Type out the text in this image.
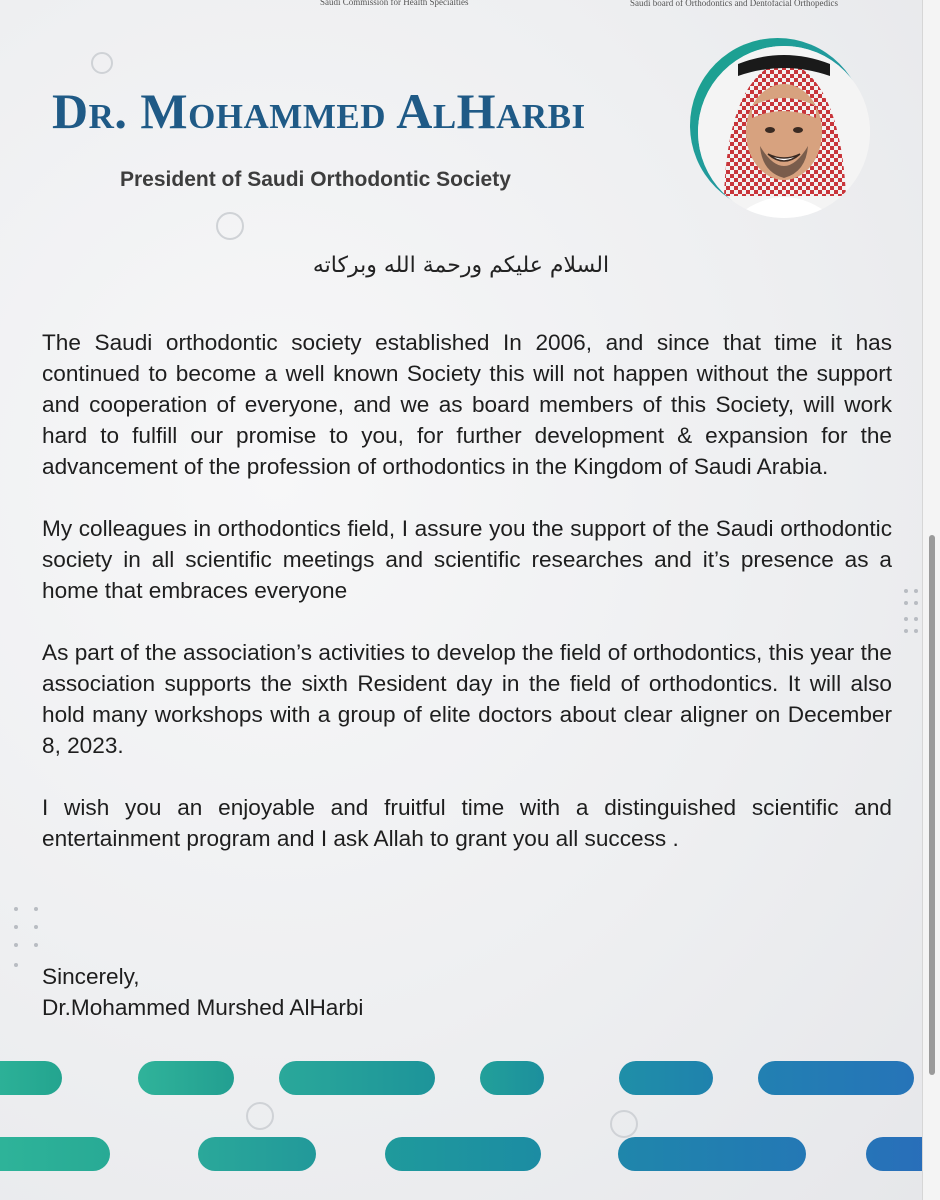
Saudi Commission for Health Specialties	Saudi board of Orthodontics and Dentofacial Orthopedics
Dr. Mohammed AlHarbi
President of Saudi Orthodontic Society
السلام عليكم ورحمة الله وبركاته

The Saudi orthodontic society established In 2006, and since that time it has continued to become a well known Society this will not happen without the support and cooperation of everyone, and we as board members of this Society, will work hard to fulfill our promise to you, for further development & expansion for the advancement of the profession of orthodontics in the Kingdom of Saudi Arabia.

My colleagues in orthodontics field, I assure you the support of the Saudi orthodontic society in all scientific meetings and scientific researches and it’s presence as a home that embraces everyone

As part of the association’s activities to develop the field of orthodontics, this year the association supports the sixth Resident day in the field of orthodontics. It will also hold many workshops with a group of elite doctors about clear aligner on December 8, 2023.

I wish you an enjoyable and fruitful time with a distinguished scientific and entertainment program and I ask Allah to grant you all success .

Sincerely,
Dr.Mohammed Murshed AlHarbi
